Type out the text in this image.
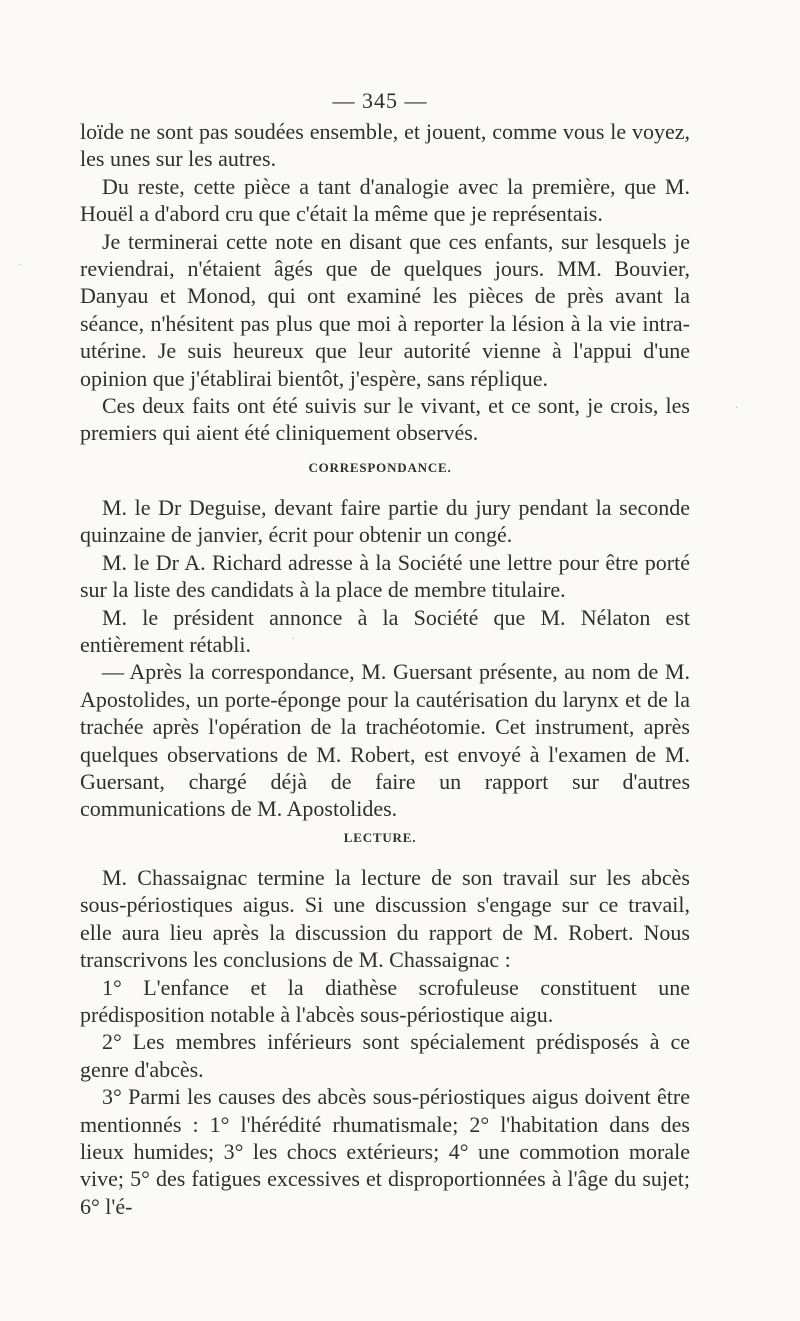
— 345 —

loïde ne sont pas soudées ensemble, et jouent, comme vous le voyez, les unes sur les autres.

Du reste, cette pièce a tant d'analogie avec la première, que M. Houël a d'abord cru que c'était la même que je représentais.

Je terminerai cette note en disant que ces enfants, sur lesquels je reviendrai, n'étaient âgés que de quelques jours. MM. Bouvier, Danyau et Monod, qui ont examiné les pièces de près avant la séance, n'hésitent pas plus que moi à reporter la lésion à la vie intra-utérine. Je suis heureux que leur autorité vienne à l'appui d'une opinion que j'établirai bientôt, j'espère, sans réplique.

Ces deux faits ont été suivis sur le vivant, et ce sont, je crois, les premiers qui aient été cliniquement observés.

CORRESPONDANCE.

M. le Dr Deguise, devant faire partie du jury pendant la seconde quinzaine de janvier, écrit pour obtenir un congé.

M. le Dr A. Richard adresse à la Société une lettre pour être porté sur la liste des candidats à la place de membre titulaire.

M. le président annonce à la Société que M. Nélaton est entièrement rétabli.

— Après la correspondance, M. Guersant présente, au nom de M. Apostolides, un porte-éponge pour la cautérisation du larynx et de la trachée après l'opération de la trachéotomie. Cet instrument, après quelques observations de M. Robert, est envoyé à l'examen de M. Guersant, chargé déjà de faire un rapport sur d'autres communications de M. Apostolides.

LECTURE.

M. Chassaignac termine la lecture de son travail sur les abcès sous-périostiques aigus. Si une discussion s'engage sur ce travail, elle aura lieu après la discussion du rapport de M. Robert. Nous transcrivons les conclusions de M. Chassaignac :

1° L'enfance et la diathèse scrofuleuse constituent une prédisposition notable à l'abcès sous-périostique aigu.

2° Les membres inférieurs sont spécialement prédisposés à ce genre d'abcès.

3° Parmi les causes des abcès sous-périostiques aigus doivent être mentionnés : 1° l'hérédité rhumatismale; 2° l'habitation dans des lieux humides; 3° les chocs extérieurs; 4° une commotion morale vive; 5° des fatigues excessives et disproportionnées à l'âge du sujet; 6° l'é-

·
·
·
